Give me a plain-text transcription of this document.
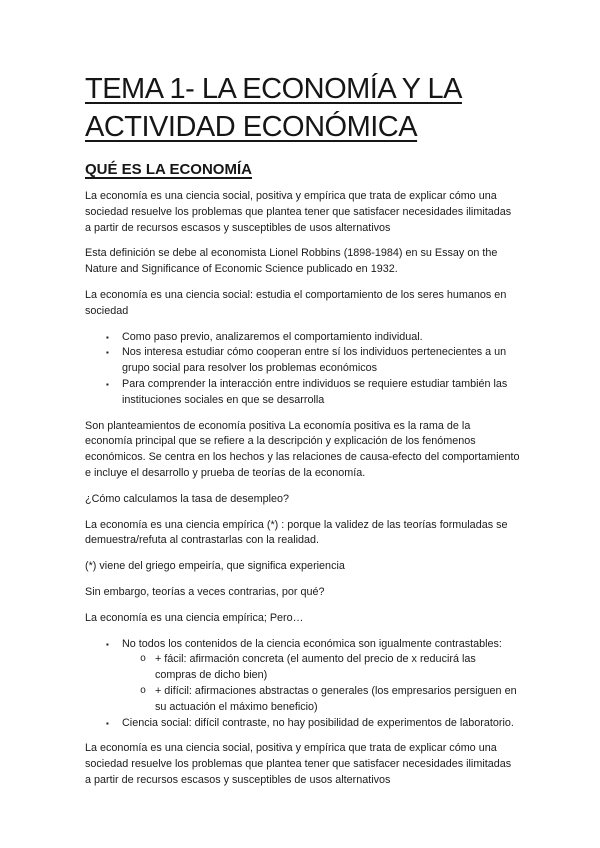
TEMA 1- LA ECONOMÍA Y LA
ACTIVIDAD ECONÓMICA
QUÉ ES LA ECONOMÍA

La economía es una ciencia social, positiva y empírica que trata de explicar cómo una sociedad resuelve los problemas que plantea tener que satisfacer necesidades ilimitadas a partir de recursos escasos y susceptibles de usos alternativos

Esta definición se debe al economista Lionel Robbins (1898-1984) en su Essay on the Nature and Significance of Economic Science publicado en 1932.

La economía es una ciencia social: estudia el comportamiento de los seres humanos en sociedad

▪	Como paso previo, analizaremos el comportamiento individual.
▪	Nos interesa estudiar cómo cooperan entre sí los individuos pertenecientes a un grupo social para resolver los problemas económicos
▪	Para comprender la interacción entre individuos se requiere estudiar también las instituciones sociales en que se desarrolla

Son planteamientos de economía positiva La economía positiva es la rama de la economía principal que se refiere a la descripción y explicación de los fenómenos económicos. Se centra en los hechos y las relaciones de causa-efecto del comportamiento e incluye el desarrollo y prueba de teorías de la economía.

¿Cómo calculamos la tasa de desempleo?

La economía es una ciencia empírica (*) : porque la validez de las teorías formuladas se demuestra/refuta al contrastarlas con la realidad.

(*) viene del griego empeiría, que significa experiencia

Sin embargo, teorías a veces contrarias, por qué?

La economía es una ciencia empírica; Pero…

▪	No todos los contenidos de la ciencia económica son igualmente contrastables:
o + fácil: afirmación concreta (el aumento del precio de x reducirá las compras de dicho bien)
o + difícil: afirmaciones abstractas o generales (los empresarios persiguen en su actuación el máximo beneficio)
▪	Ciencia social: difícil contraste, no hay posibilidad de experimentos de laboratorio.

La economía es una ciencia social, positiva y empírica que trata de explicar cómo una sociedad resuelve los problemas que plantea tener que satisfacer necesidades ilimitadas a partir de recursos escasos y susceptibles de usos alternativos
